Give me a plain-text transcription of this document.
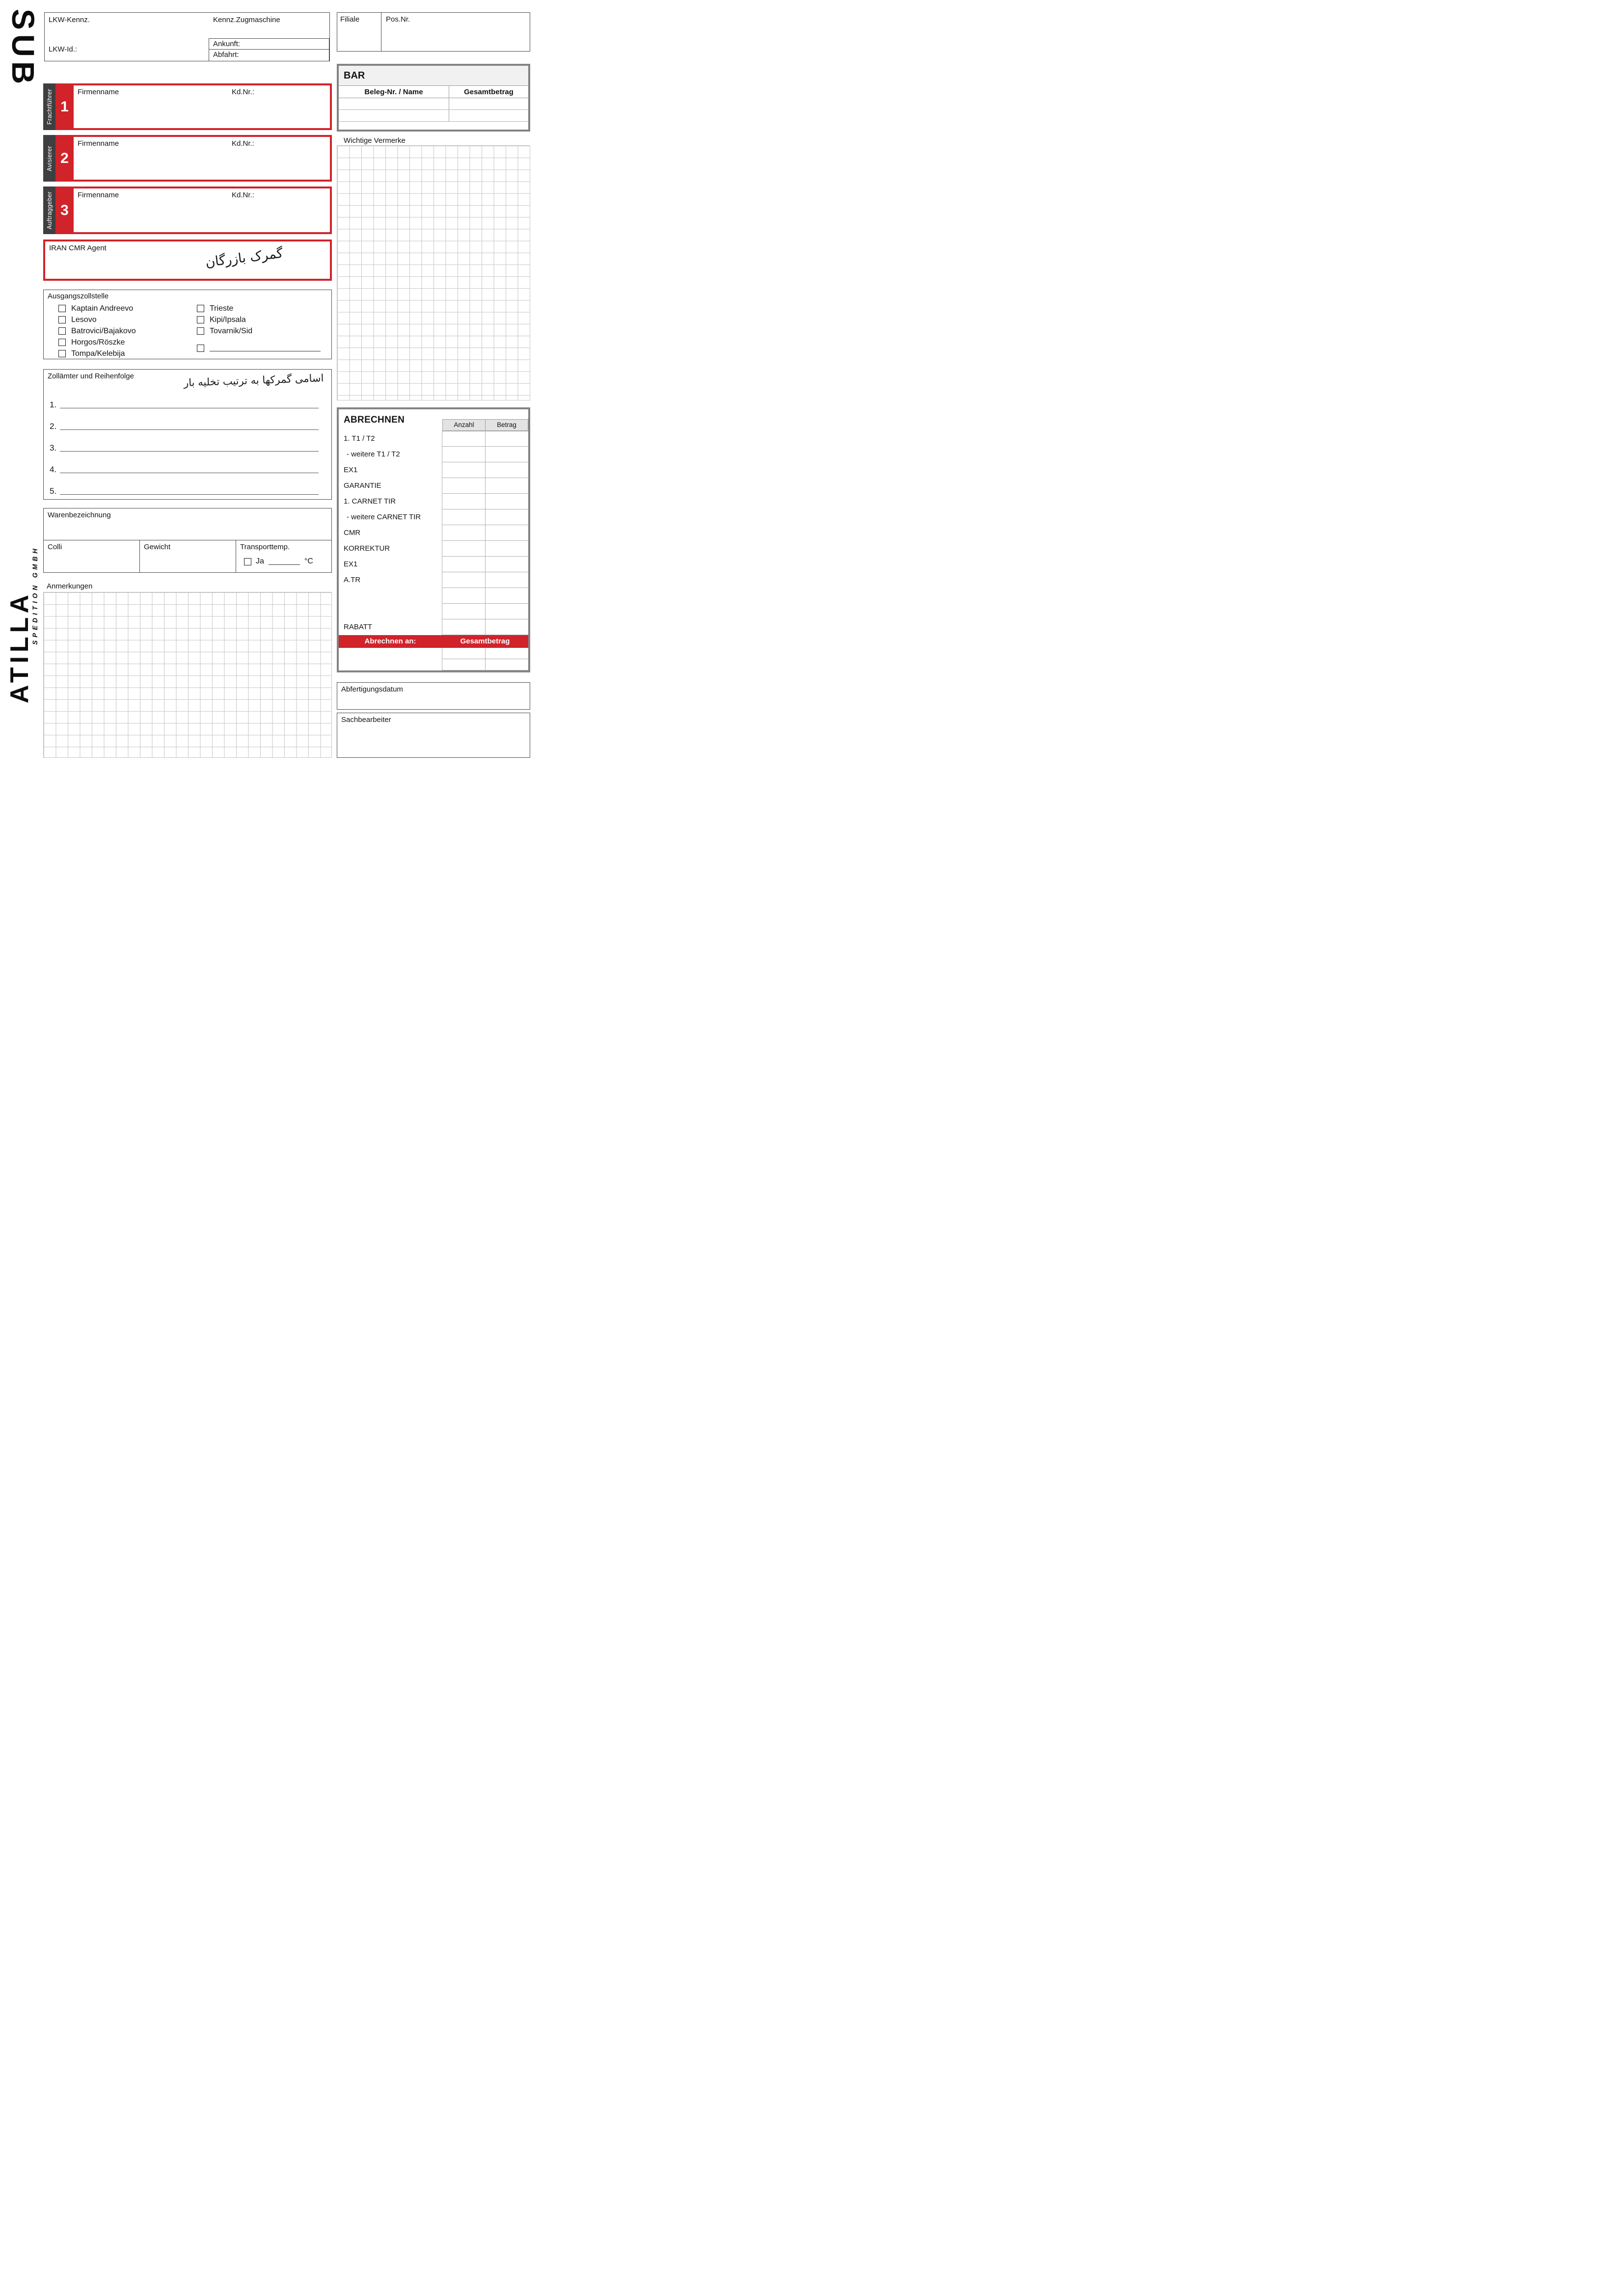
SUB
SPEDITION GMBH
ATILLA
LKW-Kennz.	Kennz.Zugmaschine
LKW-Id.:
Ankunft:
Abfahrt:
Filiale	Pos.Nr.
BAR
Beleg-Nr. / Name	Gesamtbetrag
Frachtführer 1
Firmenname	Kd.Nr.:
Avisierer 2
Firmenname	Kd.Nr.:
Auftraggeber 3
Firmenname	Kd.Nr.:
IRAN CMR Agent	گمرک بازرگان
Wichtige Vermerke
Ausgangszollstelle
Kaptain Andreevo
Lesovo
Batrovici/Bajakovo
Horgos/Röszke
Tompa/Kelebija
Trieste
Kipi/Ipsala
Tovarnik/Sid
Zollämter und Reihenfolge	اسامی گمرکها به ترتیب تخلیه بار
1.
2.
3.
4.
5.
Warenbezeichnung
Colli	Gewicht	Transporttemp.
Ja	°C
Anmerkungen
ABRECHNEN	Anzahl	Betrag
1. T1 / T2
- weitere T1 / T2
EX1
GARANTIE
1. CARNET TIR
- weitere CARNET TIR
CMR
KORREKTUR
EX1
A.TR
RABATT
Abrechnen an:	Gesamtbetrag
Abfertigungsdatum
Sachbearbeiter
